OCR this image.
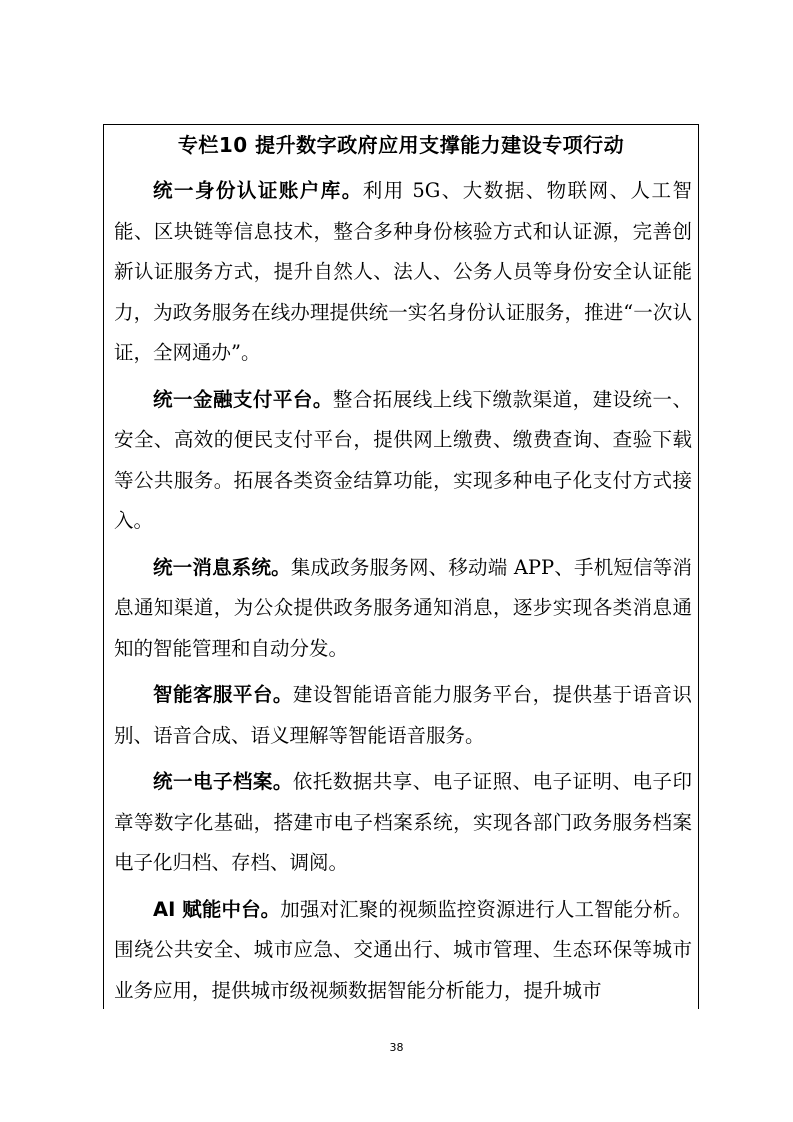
专栏10 提升数字政府应用支撑能力建设专项行动

统一身份认证账户库。利用 5G、大数据、物联网、人工智能、区块链等信息技术，整合多种身份核验方式和认证源，完善创新认证服务方式，提升自然人、法人、公务人员等身份安全认证能力，为政务服务在线办理提供统一实名身份认证服务，推进“一次认证，全网通办”。

统一金融支付平台。整合拓展线上线下缴款渠道，建设统一、安全、高效的便民支付平台，提供网上缴费、缴费查询、查验下载等公共服务。拓展各类资金结算功能，实现多种电子化支付方式接入。

统一消息系统。集成政务服务网、移动端 APP、手机短信等消息通知渠道，为公众提供政务服务通知消息，逐步实现各类消息通知的智能管理和自动分发。

智能客服平台。建设智能语音能力服务平台，提供基于语音识别、语音合成、语义理解等智能语音服务。

统一电子档案。依托数据共享、电子证照、电子证明、电子印章等数字化基础，搭建市电子档案系统，实现各部门政务服务档案电子化归档、存档、调阅。

AI 赋能中台。加强对汇聚的视频监控资源进行人工智能分析。围绕公共安全、城市应急、交通出行、城市管理、生态环保等城市业务应用，提供城市级视频数据智能分析能力，提升城市

38
